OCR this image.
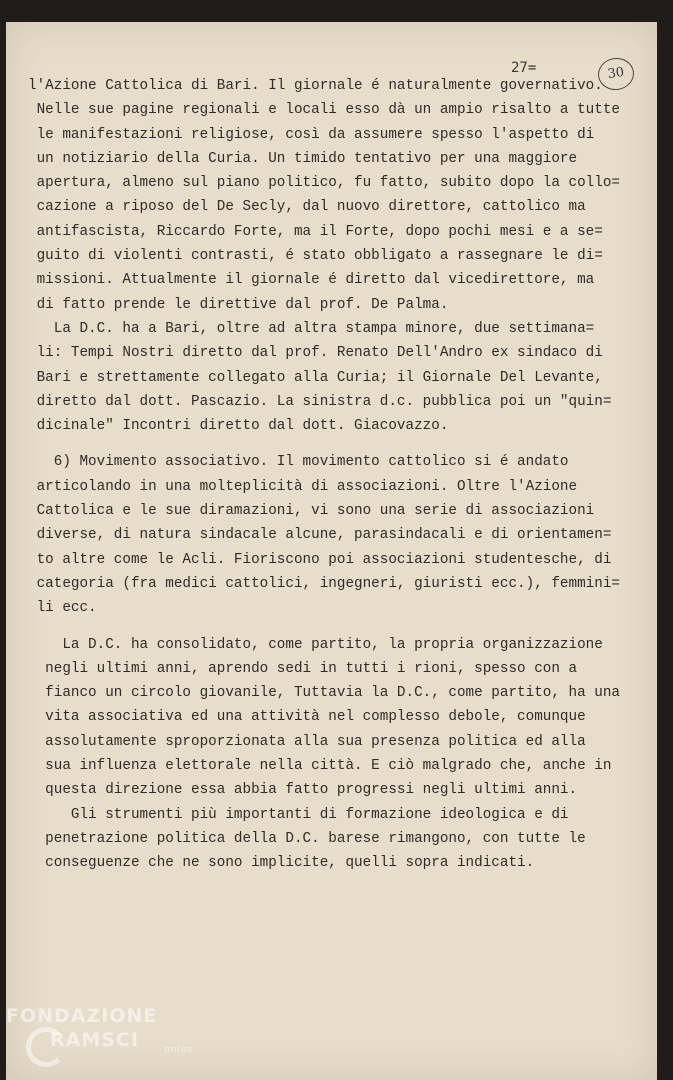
27=	30
l'Azione Cattolica di Bari. Il giornale é naturalmente governativo.
Nelle sue pagine regionali e locali esso dà un ampio risalto a tutte
le manifestazioni religiose, così da assumere spesso l'aspetto di
un notiziario della Curia. Un timido tentativo per una maggiore
apertura, almeno sul piano politico, fu fatto, subito dopo la collo=
cazione a riposo del De Secly, dal nuovo direttore, cattolico ma
antifascista, Riccardo Forte, ma il Forte, dopo pochi mesi e a se=
guito di violenti contrasti, é stato obbligato a rassegnare le di=
missioni. Attualmente il giornale é diretto dal vicedirettore, ma
di fatto prende le direttive dal prof. De Palma.
La D.C. ha a Bari, oltre ad altra stampa minore, due settimana=
li: Tempi Nostri diretto dal prof. Renato Dell'Andro ex sindaco di
Bari e strettamente collegato alla Curia; il Giornale Del Levante,
diretto dal dott. Pascazio. La sinistra d.c. pubblica poi un "quin=
dicinale" Incontri diretto dal dott. Giacovazzo.
6) Movimento associativo. Il movimento cattolico si é andato
articolando in una molteplicità di associazioni. Oltre l'Azione
Cattolica e le sue diramazioni, vi sono una serie di associazioni
diverse, di natura sindacale alcune, parasindacali e di orientamen=
to altre come le Acli. Fioriscono poi associazioni studentesche, di
categoria (fra medici cattolici, ingegneri, giuristi ecc.), femmini=
li ecc.
La D.C. ha consolidato, come partito, la propria organizzazione
negli ultimi anni, aprendo sedi in tutti i rioni, spesso con a
fianco un circolo giovanile, Tuttavia la D.C., come partito, ha una
vita associativa ed una attività nel complesso debole, comunque
assolutamente sproporzionata alla sua presenza politica ed alla
sua influenza elettorale nella città. E ciò malgrado che, anche in
questa direzione essa abbia fatto progressi negli ultimi anni.
Gli strumenti più importanti di formazione ideologica e di
penetrazione politica della D.C. barese rimangono, con tutte le
conseguenze che ne sono implicite, quelli sopra indicati.
FONDAZIONE
RAMSCI	onlus
